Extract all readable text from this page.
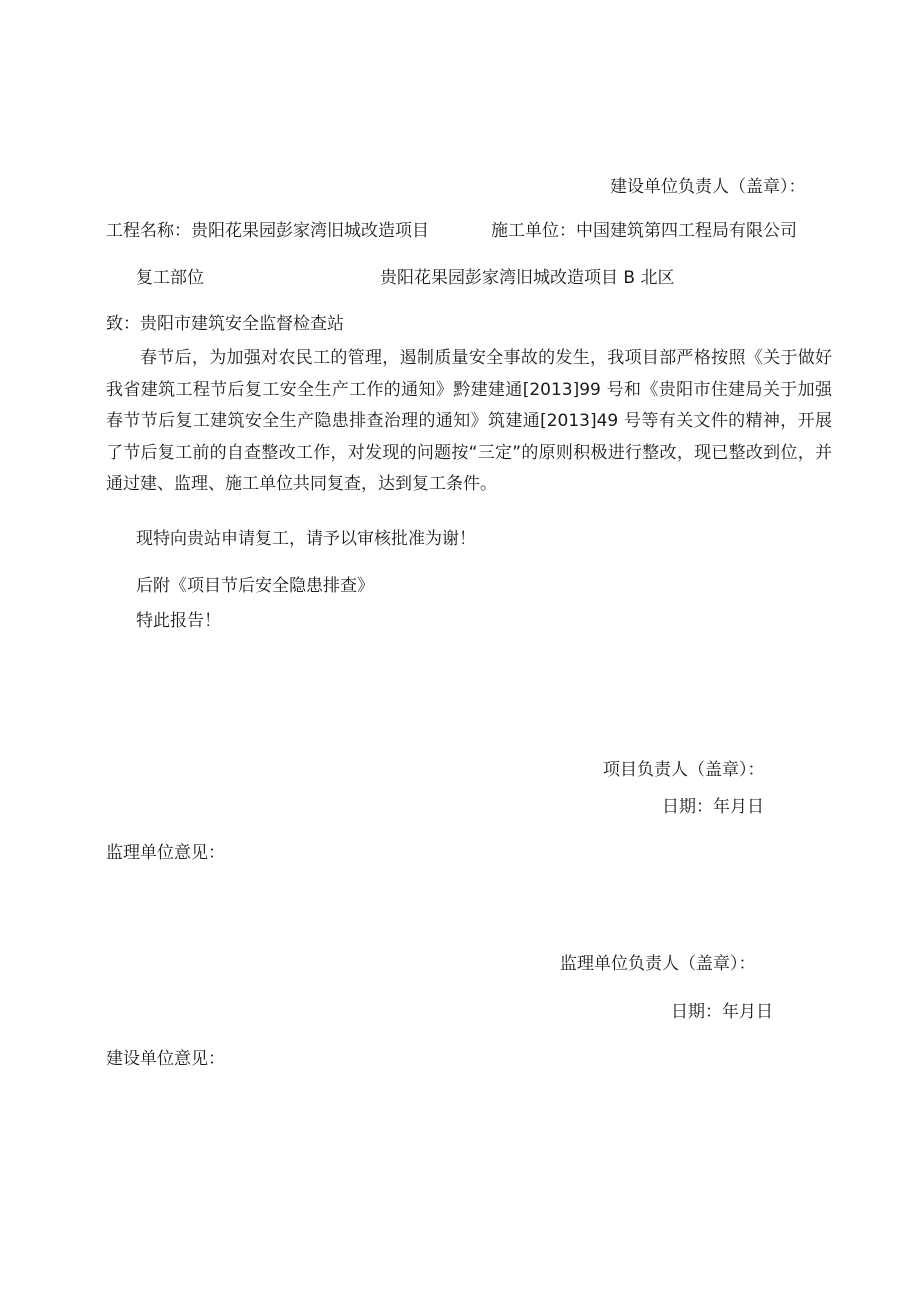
建设单位负责人（盖章）：
工程名称：贵阳花果园彭家湾旧城改造项目	施工单位：中国建筑第四工程局有限公司
复工部位	贵阳花果园彭家湾旧城改造项目 B 北区
致：贵阳市建筑安全监督检查站
春节后，为加强对农民工的管理，遏制质量安全事故的发生，我项目部严格按照《关于做好我省建筑工程节后复工安全生产工作的通知》黔建建通[2013]99 号和《贵阳市住建局关于加强春节节后复工建筑安全生产隐患排查治理的通知》筑建通[2013]49 号等有关文件的精神，开展了节后复工前的自查整改工作，对发现的问题按“三定”的原则积极进行整改，现已整改到位，并通过建、监理、施工单位共同复查，达到复工条件。
现特向贵站申请复工，请予以审核批准为谢！
后附《项目节后安全隐患排查》
特此报告！
项目负责人（盖章）：
日期：年月日
监理单位意见：
监理单位负责人（盖章）：
日期：年月日
建设单位意见：
